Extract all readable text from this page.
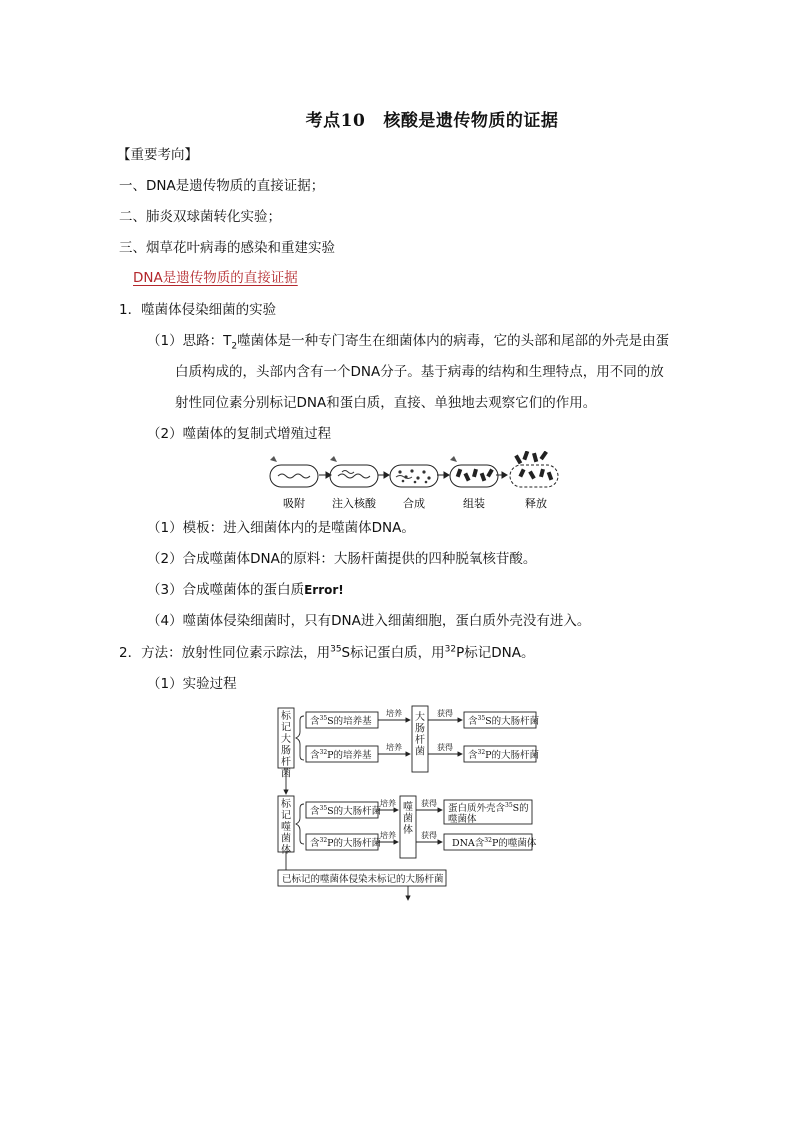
考点10 核酸是遗传物质的证据
【重要考向】
一、DNA是遗传物质的直接证据；
二、肺炎双球菌转化实验；
三、烟草花叶病毒的感染和重建实验
DNA是遗传物质的直接证据
1．噬菌体侵染细菌的实验
（1）思路：$T_2$噬菌体是一种专门寄生在细菌体内的病毒，它的头部和尾部的外壳是由蛋
白质构成的，头部内含有一个DNA分子。基于病毒的结构和生理特点，用不同的放
射性同位素分别标记DNA和蛋白质，直接、单独地去观察它们的作用。
（2）噬菌体的复制式增殖过程
吸附 注入核酸 合成	组装	释放
（1）模板：进入细菌体内的是噬菌体DNA。
（2）合成噬菌体DNA的原料：大肠杆菌提供的四种脱氧核苷酸。
（3）合成噬菌体的蛋白质Error!
（4）噬菌体侵染细菌时，只有DNA进入细菌细胞，蛋白质外壳没有进入。
2．方法：放射性同位素示踪法，用$^{35}$S标记蛋白质，用$^{32}$P标记DNA。
（1）实验过程
标记大肠杆菌
标记噬菌体
大肠杆菌
噬菌体
含$^{35}$S的培养基
含$^{32}$P的培养基
含$^{35}$S的大肠杆菌
含$^{32}$P的大肠杆菌
含$^{35}$S的大肠杆菌
含$^{32}$P的大肠杆菌
蛋白质外壳含$^{35}$S的
噬菌体
DNA含$^{32}$P的噬菌体
已标记的噬菌体侵染未标记的大肠杆菌
培养
培养
获得
获得
培养
培养
获得
获得
